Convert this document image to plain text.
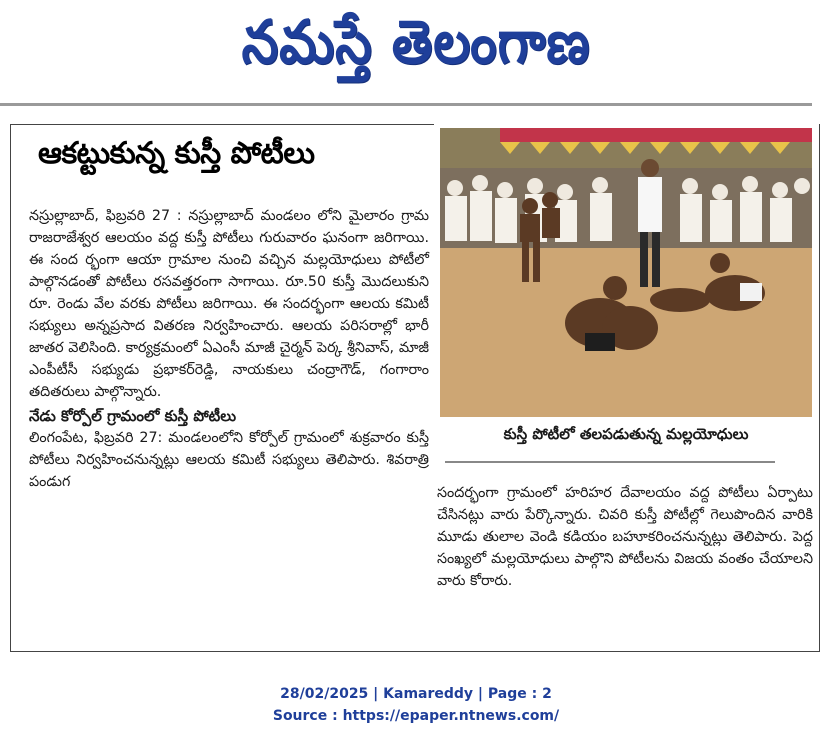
నమస్తే తెలంగాణ
ఆకట్టుకున్న కుస్తీ పోటీలు

నస్రుల్లాబాద్, ఫిబ్రవరి 27 : నస్రుల్లాబాద్ మండలం లోని మైలారం గ్రామ రాజరాజేశ్వర ఆలయం వద్ద కుస్తీ పోటీలు గురువారం ఘనంగా జరిగాయి. ఈ సంద ర్భంగా ఆయా గ్రామాల నుంచి వచ్చిన మల్లయోధులు పోటీలో పాల్గొనడంతో పోటీలు రసవత్తరంగా సాగాయి. రూ.50 కుస్తీ మొదలుకుని రూ. రెండు వేల వరకు పోటీలు జరిగాయి. ఈ సందర్భంగా ఆలయ కమిటీ సభ్యులు అన్నప్రసాద వితరణ నిర్వహించారు. ఆలయ పరిసరాల్లో భారీ జాతర వెలిసింది. కార్యక్రమంలో ఏఎంసీ మాజీ చైర్మన్ పెర్క శ్రీనివాస్, మాజీ ఎంపీటీసీ సభ్యుడు ప్రభాకర్‌రెడ్డి, నాయకులు చంద్రాగౌడ్, గంగారాం తదితరులు పాల్గొన్నారు.

నేడు కోర్పోల్ గ్రామంలో కుస్తీ పోటీలు

లింగంపేట, ఫిబ్రవరి 27: మండలంలోని కోర్పోల్ గ్రామంలో శుక్రవారం కుస్తీ పోటీలు నిర్వహించనున్నట్లు ఆలయ కమిటీ సభ్యులు తెలిపారు. శివరాత్రి పండుగ

కుస్తీ పోటీలో తలపడుతున్న మల్లయోధులు

సందర్భంగా గ్రామంలో హరిహర దేవాలయం వద్ద పోటీలు ఏర్పాటు చేసినట్లు వారు పేర్కొన్నారు. చివరి కుస్తీ పోటీల్లో గెలుపొందిన వారికి మూడు తులాల వెండి కడియం బహూకరించనున్నట్లు తెలిపారు. పెద్ద సంఖ్యలో మల్లయోధులు పాల్గొని పోటీలను విజయ వంతం చేయాలని వారు కోరారు.

28/02/2025 | Kamareddy | Page : 2
Source : https://epaper.ntnews.com/
